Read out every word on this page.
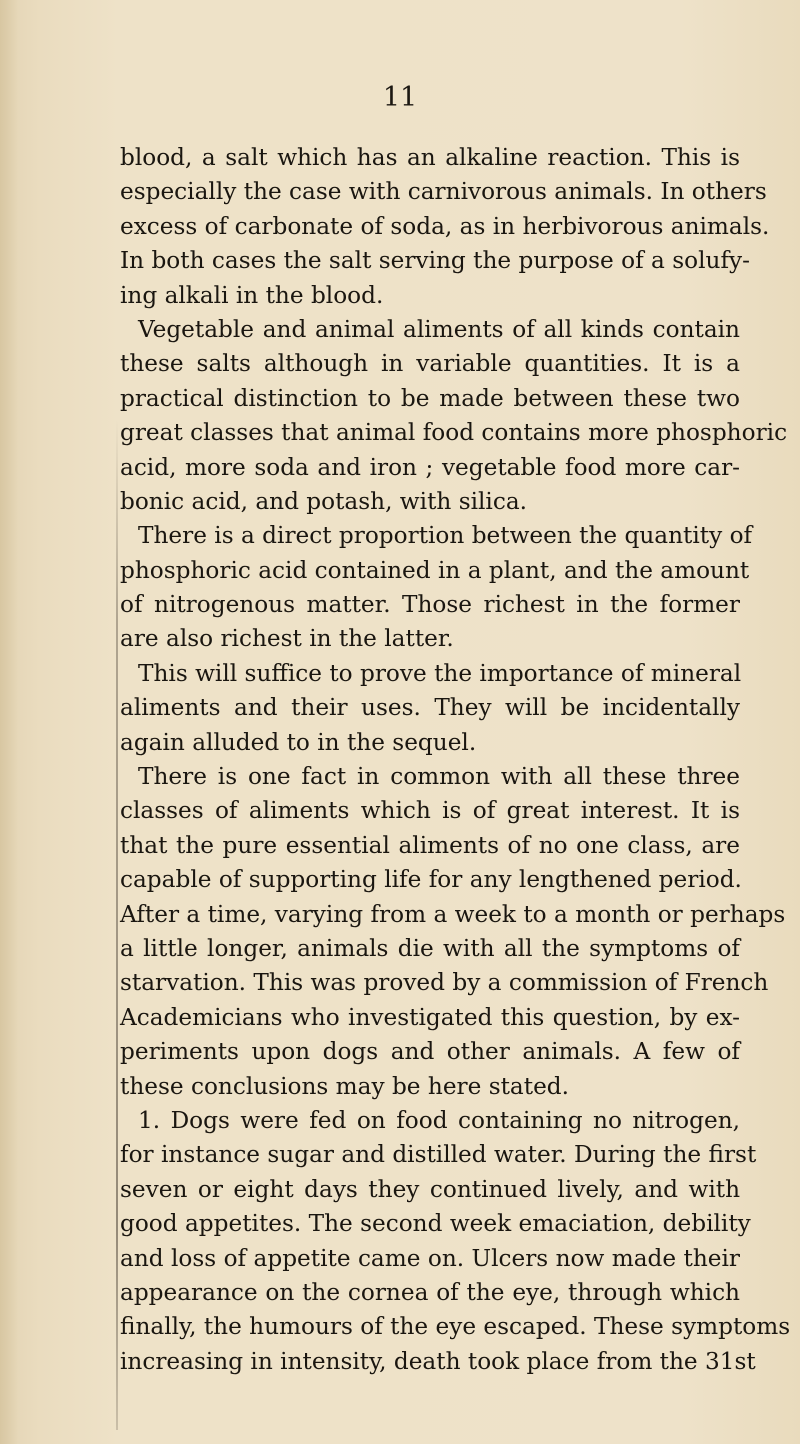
11
blood, a salt which has an alkaline reaction. This is
especially the case with carnivorous animals. In others
excess of carbonate of soda, as in herbivorous animals.
In both cases the salt serving the purpose of a solufy-
ing alkali in the blood.
Vegetable and animal aliments of all kinds contain
these salts although in variable quantities. It is a
practical distinction to be made between these two
great classes that animal food contains more phosphoric
acid, more soda and iron ; vegetable food more car-
bonic acid, and potash, with silica.
There is a direct proportion between the quantity of
phosphoric acid contained in a plant, and the amount
of nitrogenous matter. Those richest in the former
are also richest in the latter.
This will suffice to prove the importance of mineral
aliments and their uses. They will be incidentally
again alluded to in the sequel.
There is one fact in common with all these three
classes of aliments which is of great interest. It is
that the pure essential aliments of no one class, are
capable of supporting life for any lengthened period.
After a time, varying from a week to a month or perhaps
a little longer, animals die with all the symptoms of
starvation. This was proved by a commission of French
Academicians who investigated this question, by ex-
periments upon dogs and other animals. A few of
these conclusions may be here stated.
1. Dogs were fed on food containing no nitrogen,
for instance sugar and distilled water. During the first
seven or eight days they continued lively, and with
good appetites. The second week emaciation, debility
and loss of appetite came on. Ulcers now made their
appearance on the cornea of the eye, through which
finally, the humours of the eye escaped. These symptoms
increasing in intensity, death took place from the 31st
